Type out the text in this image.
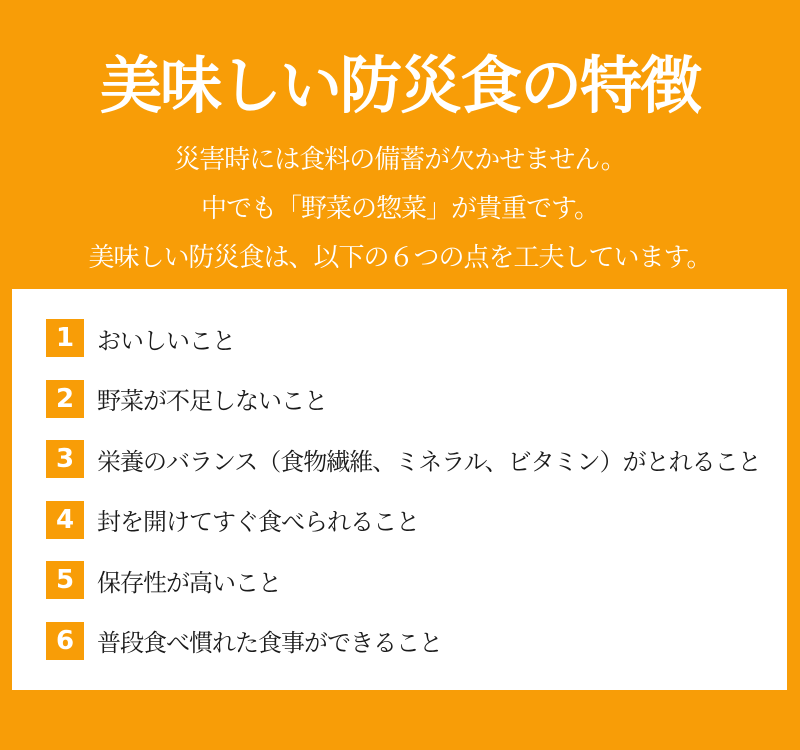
美味しい防災食の特徴
災害時には食料の備蓄が欠かせません。
中でも「野菜の惣菜」が貴重です。
美味しい防災食は、以下の６つの点を工夫しています。
1 おいしいこと
2 野菜が不足しないこと
3 栄養のバランス（食物繊維、ミネラル、ビタミン）がとれること
4 封を開けてすぐ食べられること
5 保存性が高いこと
6 普段食べ慣れた食事ができること
